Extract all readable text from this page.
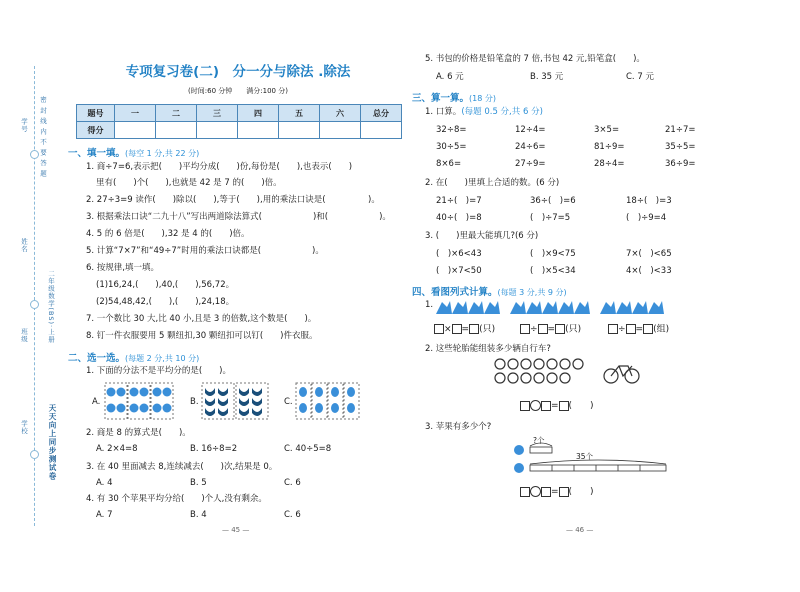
密 封 线 内 不 要 答 题
学号
姓名
班级
学校
二年级数学(BS)·上册
天天向上同步测试卷
专项复习卷(二)　分一分与除法 .除法
(时间:60 分钟　　满分:100 分)
题号	一	二	三	四	五	六	总分
得分							
一、填一填。(每空 1 分,共 22 分)
1. 商÷7=6,表示把(　　)平均分成(　　)份,每份是(　　),也表示(　　)
里有(　　)个(　　),也就是 42 是 7 的(　　)倍。
2. 27÷3=9 读作(　　)除以(　　),等于(　　),用的乘法口诀是(　　　　　)。
3. 根据乘法口诀“二九十八”写出两道除法算式(　　　　　　)和(　　　　　　)。
4. 5 的 6 倍是(　　),32 是 4 的(　　)倍。
5. 计算“7×7”和“49÷7”时用的乘法口诀都是(　　　　　　)。
6. 按规律,填一填。
(1)16,24,(　　),40,(　　),56,72。
(2)54,48,42,(　　),(　　),24,18。
7. 一个数比 30 大,比 40 小,且是 3 的倍数,这个数是(　　)。
8. 钉一件衣服要用 5 颗纽扣,30 颗纽扣可以钉(　　)件衣服。
二、选一选。(每题 2 分,共 10 分)
1. 下面的分法不是平均分的是(　　)。
A.	B.	C.
2. 商是 8 的算式是(　　)。
A. 2×4=8	B. 16÷8=2	C. 40÷5=8
3. 在 40 里面减去 8,连续减去(　　)次,结果是 0。
A. 4	B. 5	C. 6
4. 有 30 个苹果平均分给(　　)个人,没有剩余。
A. 7	B. 4	C. 6
— 45 —
5. 书包的价格是铅笔盒的 7 倍,书包 42 元,铅笔盒(　　)。
A. 6 元	B. 35 元	C. 7 元
三、算一算。(18 分)
1. 口算。(每题 0.5 分,共 6 分)
32÷8=	12÷4=	3×5=	21÷7=
30÷5=	24÷6=	81÷9=	35÷5=
8×6=	27÷9=	28÷4=	36÷9=
2. 在(　　)里填上合适的数。(6 分)
21÷(　)=7	36÷(　)=6	18÷(　)=3
40÷(　)=8	(　)÷7=5	(　)÷9=4
3. (　　)里最大能填几?(6 分)
(　)×6<43	(　)×9<75	7×(　)<65
(　)×7<50	(　)×5<34	4×(　)<33
四、看图列式计算。(每题 3 分,共 9 分)
1.
× = (只)	÷ = (只)	÷ = (组)
2. 这些轮胎能组装多少辆自行车?
= (　　)
3. 苹果有多少个?
?个
35个
= (　　)
— 46 —
